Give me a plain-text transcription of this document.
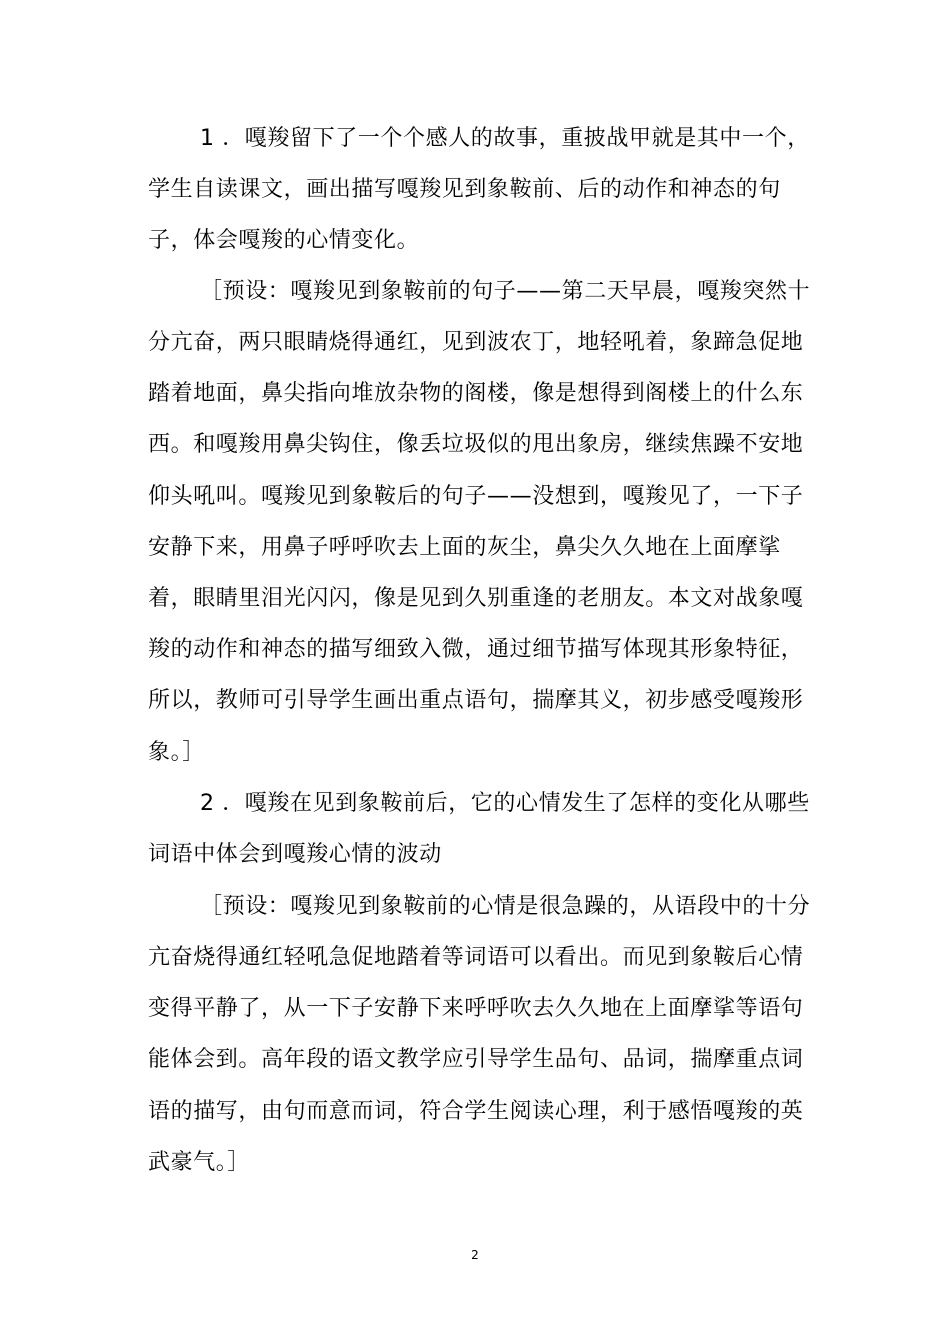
1 ．嘎羧留下了一个个感人的故事，重披战甲就是其中一个，
学生自读课文，画出描写嘎羧见到象鞍前、后的动作和神态的句
子，体会嘎羧的心情变化。
［预设：嘎羧见到象鞍前的句子——第二天早晨，嘎羧突然十
分亢奋，两只眼睛烧得通红，见到波农丁，地轻吼着，象蹄急促地
踏着地面，鼻尖指向堆放杂物的阁楼，像是想得到阁楼上的什么东
西。和嘎羧用鼻尖钩住，像丢垃圾似的甩出象房，继续焦躁不安地
仰头吼叫。嘎羧见到象鞍后的句子——没想到，嘎羧见了，一下子
安静下来，用鼻子呼呼吹去上面的灰尘，鼻尖久久地在上面摩挲
着，眼睛里泪光闪闪，像是见到久别重逢的老朋友。本文对战象嘎
羧的动作和神态的描写细致入微，通过细节描写体现其形象特征，
所以，教师可引导学生画出重点语句，揣摩其义，初步感受嘎羧形
象。］
2 ．嘎羧在见到象鞍前后，它的心情发生了怎样的变化从哪些
词语中体会到嘎羧心情的波动
［预设：嘎羧见到象鞍前的心情是很急躁的，从语段中的十分
亢奋烧得通红轻吼急促地踏着等词语可以看出。而见到象鞍后心情
变得平静了，从一下子安静下来呼呼吹去久久地在上面摩挲等语句
能体会到。高年段的语文教学应引导学生品句、品词，揣摩重点词
语的描写，由句而意而词，符合学生阅读心理，利于感悟嘎羧的英
武豪气。］
2
